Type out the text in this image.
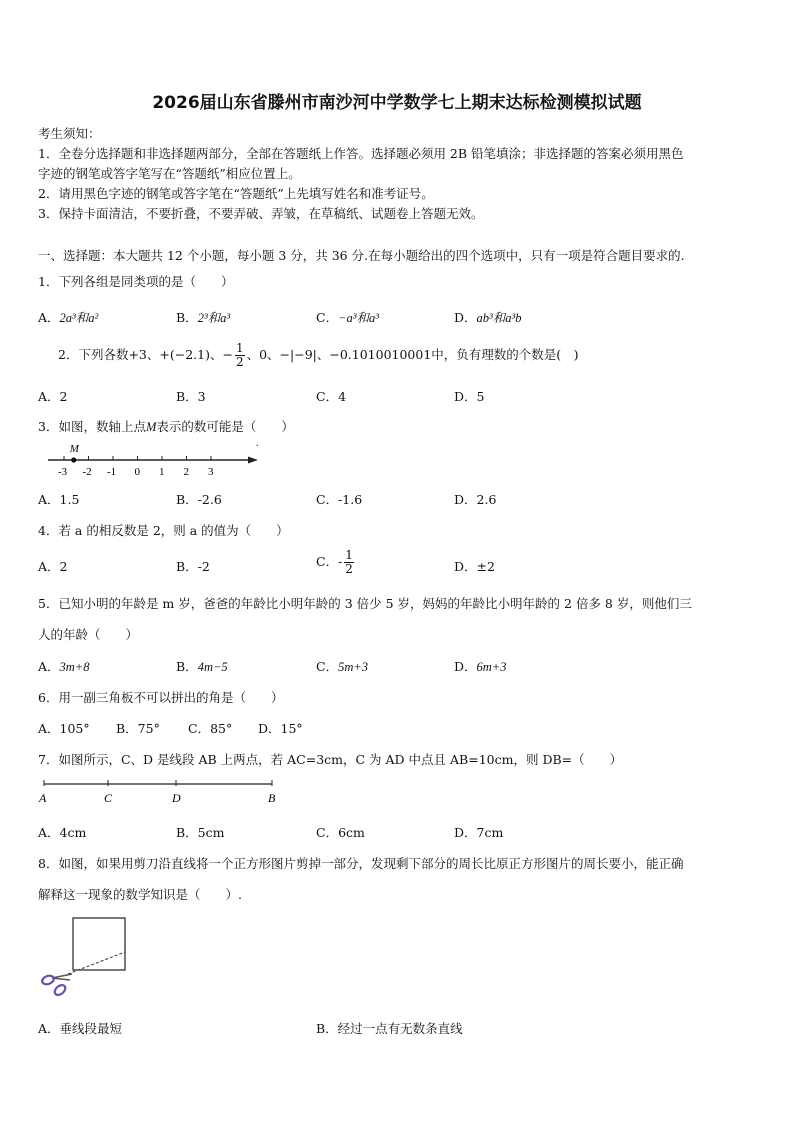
2026届山东省滕州市南沙河中学数学七上期末达标检测模拟试题
考生须知：
1．全卷分选择题和非选择题两部分，全部在答题纸上作答。选择题必须用 2B 铅笔填涂；非选择题的答案必须用黑色
字迹的钢笔或答字笔写在“答题纸”相应位置上。
2．请用黑色字迹的钢笔或答字笔在“答题纸”上先填写姓名和准考证号。
3．保持卡面清洁，不要折叠，不要弄破、弄皱，在草稿纸、试题卷上答题无效。
一、选择题：本大题共 12 个小题，每小题 3 分，共 36 分.在每小题给出的四个选项中，只有一项是符合题目要求的.
1．下列各组是同类项的是（　　）
A．2a³和a²	B．2³和a³	C．−a³和a³	D．ab³和a³b
2．下列各数+3、+(−2.1)、− $\frac{1}{2}$ 、0、−|−9|、−0.1010010001中，负有理数的个数是(　)
A．2	B．3	C．4	D．5
3．如图，数轴上点M表示的数可能是（　　）
.
-3 -2 -1 0 1 2 3
M
A．1.5	B．-2.6	C．-1.6	D．2.6
4．若 a 的相反数是 2，则 a 的值为（　　）
A．2	B．-2	C．- $\frac{1}{2}$	D．±2
5．已知小明的年龄是 m 岁，爸爸的年龄比小明年龄的 3 倍少 5 岁，妈妈的年龄比小明年龄的 2 倍多 8 岁，则他们三
人的年龄（　　）
A．3m+8	B．4m−5	C．5m+3	D．6m+3
6．用一副三角板不可以拼出的角是（　　）
A．105° B．75° C．85° D．15°
7．如图所示，C、D 是线段 AB 上两点，若 AC=3cm，C 为 AD 中点且 AB=10cm，则 DB=（　　）
A	C	D	B
A．4cm	B．5cm	C．6cm	D．7cm
8．如图，如果用剪刀沿直线将一个正方形图片剪掉一部分，发现剩下部分的周长比原正方形图片的周长要小，能正确
解释这一现象的数学知识是（　　）.
A．垂线段最短	B．经过一点有无数条直线
